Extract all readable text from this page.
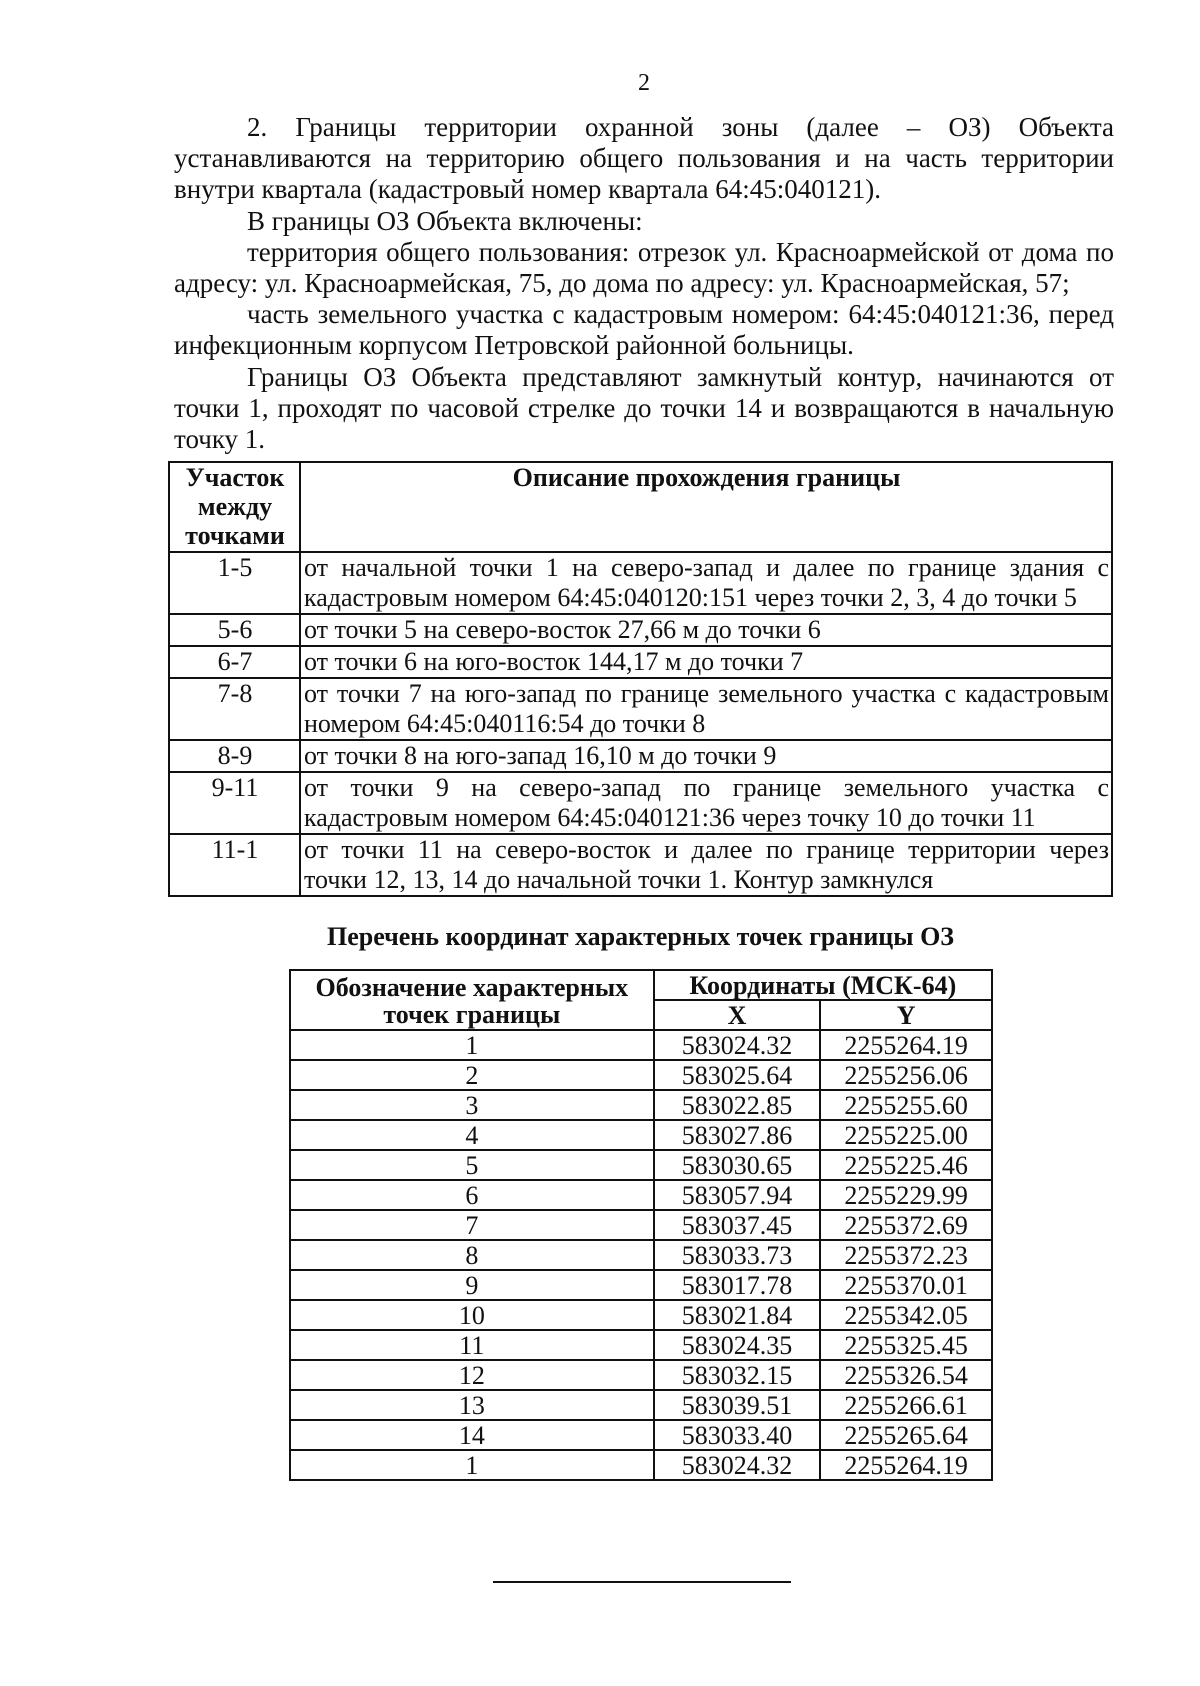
2

2. Границы территории охранной зоны (далее – ОЗ) Объекта устанавливаются на территорию общего пользования и на часть территории внутри квартала (кадастровый номер квартала 64:45:040121).

В границы ОЗ Объекта включены:

территория общего пользования: отрезок ул. Красноармейской от дома по адресу: ул. Красноармейская, 75, до дома по адресу: ул. Красноармейская, 57;

часть земельного участка с кадастровым номером: 64:45:040121:36, перед инфекционным корпусом Петровской районной больницы.

Границы ОЗ Объекта представляют замкнутый контур, начинаются от точки 1, проходят по часовой стрелке до точки 14 и возвращаются в начальную точку 1.

Участок между точками	Описание прохождения границы
1-5	от начальной точки 1 на северо-запад и далее по границе здания с кадастровым номером 64:45:040120:151 через точки 2, 3, 4 до точки 5
5-6	от точки 5 на северо-восток 27,66 м до точки 6
6-7	от точки 6 на юго-восток 144,17 м до точки 7
7-8	от точки 7 на юго-запад по границе земельного участка с кадастровым номером 64:45:040116:54 до точки 8
8-9	от точки 8 на юго-запад 16,10 м до точки 9
9-11	от точки 9 на северо-запад по границе земельного участка с кадастровым номером 64:45:040121:36 через точку 10 до точки 11
11-1	от точки 11 на северо-восток и далее по границе территории через точки 12, 13, 14 до начальной точки 1. Контур замкнулся
Перечень координат характерных точек границы ОЗ
Обозначение характерных точек границы	Координаты (МСК-64)	
	X	Y
1	583024.32	2255264.19
2	583025.64	2255256.06
3	583022.85	2255255.60
4	583027.86	2255225.00
5	583030.65	2255225.46
6	583057.94	2255229.99
7	583037.45	2255372.69
8	583033.73	2255372.23
9	583017.78	2255370.01
10	583021.84	2255342.05
11	583024.35	2255325.45
12	583032.15	2255326.54
13	583039.51	2255266.61
14	583033.40	2255265.64
1	583024.32	2255264.19
